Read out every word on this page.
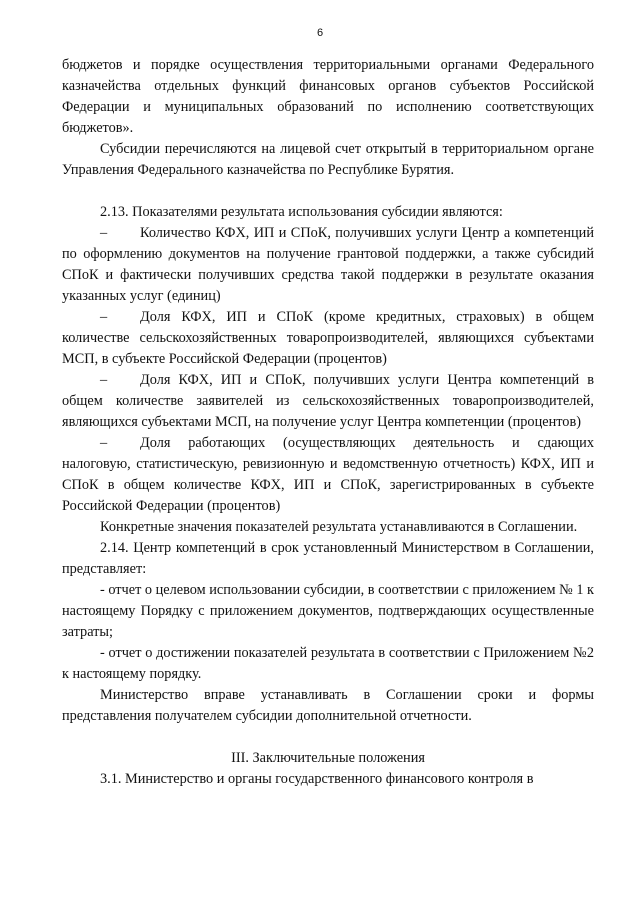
6

бюджетов и порядке осуществления территориальными органами Федерального казначейства отдельных функций финансовых органов субъектов Российской Федерации и муниципальных образований по исполнению соответствующих бюджетов».

Субсидии перечисляются на лицевой счет открытый в территориальном органе Управления Федерального казначейства по Республике Бурятия.

2.13. Показателями результата использования субсидии являются:

– Количество КФХ, ИП и СПоК, получивших услуги Центр а компетенций по оформлению документов на получение грантовой поддержки, а также субсидий СПоК и фактически получивших средства такой поддержки в результате оказания указанных услуг (единиц)

– Доля КФХ, ИП и СПоК (кроме кредитных, страховых) в общем количестве сельскохозяйственных товаропроизводителей, являющихся субъектами МСП, в субъекте Российской Федерации (процентов)

– Доля КФХ, ИП и СПоК, получивших услуги Центра компетенций в общем количестве заявителей из сельскохозяйственных товаропроизводителей, являющихся субъектами МСП, на получение услуг Центра компетенции (процентов)

– Доля работающих (осуществляющих деятельность и сдающих налоговую, статистическую, ревизионную и ведомственную отчетность) КФХ, ИП и СПоК в общем количестве КФХ, ИП и СПоК, зарегистрированных в субъекте Российской Федерации (процентов)

Конкретные значения показателей результата устанавливаются в Соглашении.

2.14. Центр компетенций в срок установленный Министерством в Соглашении, представляет:

- отчет о целевом использовании субсидии, в соответствии с приложением № 1 к настоящему Порядку с приложением документов, подтверждающих осуществленные затраты;

- отчет о достижении показателей результата в соответствии с Приложением №2 к настоящему порядку.

Министерство вправе устанавливать в Соглашении сроки и формы представления получателем субсидии дополнительной отчетности.

III. Заключительные положения

3.1. Министерство и органы государственного финансового контроля в
